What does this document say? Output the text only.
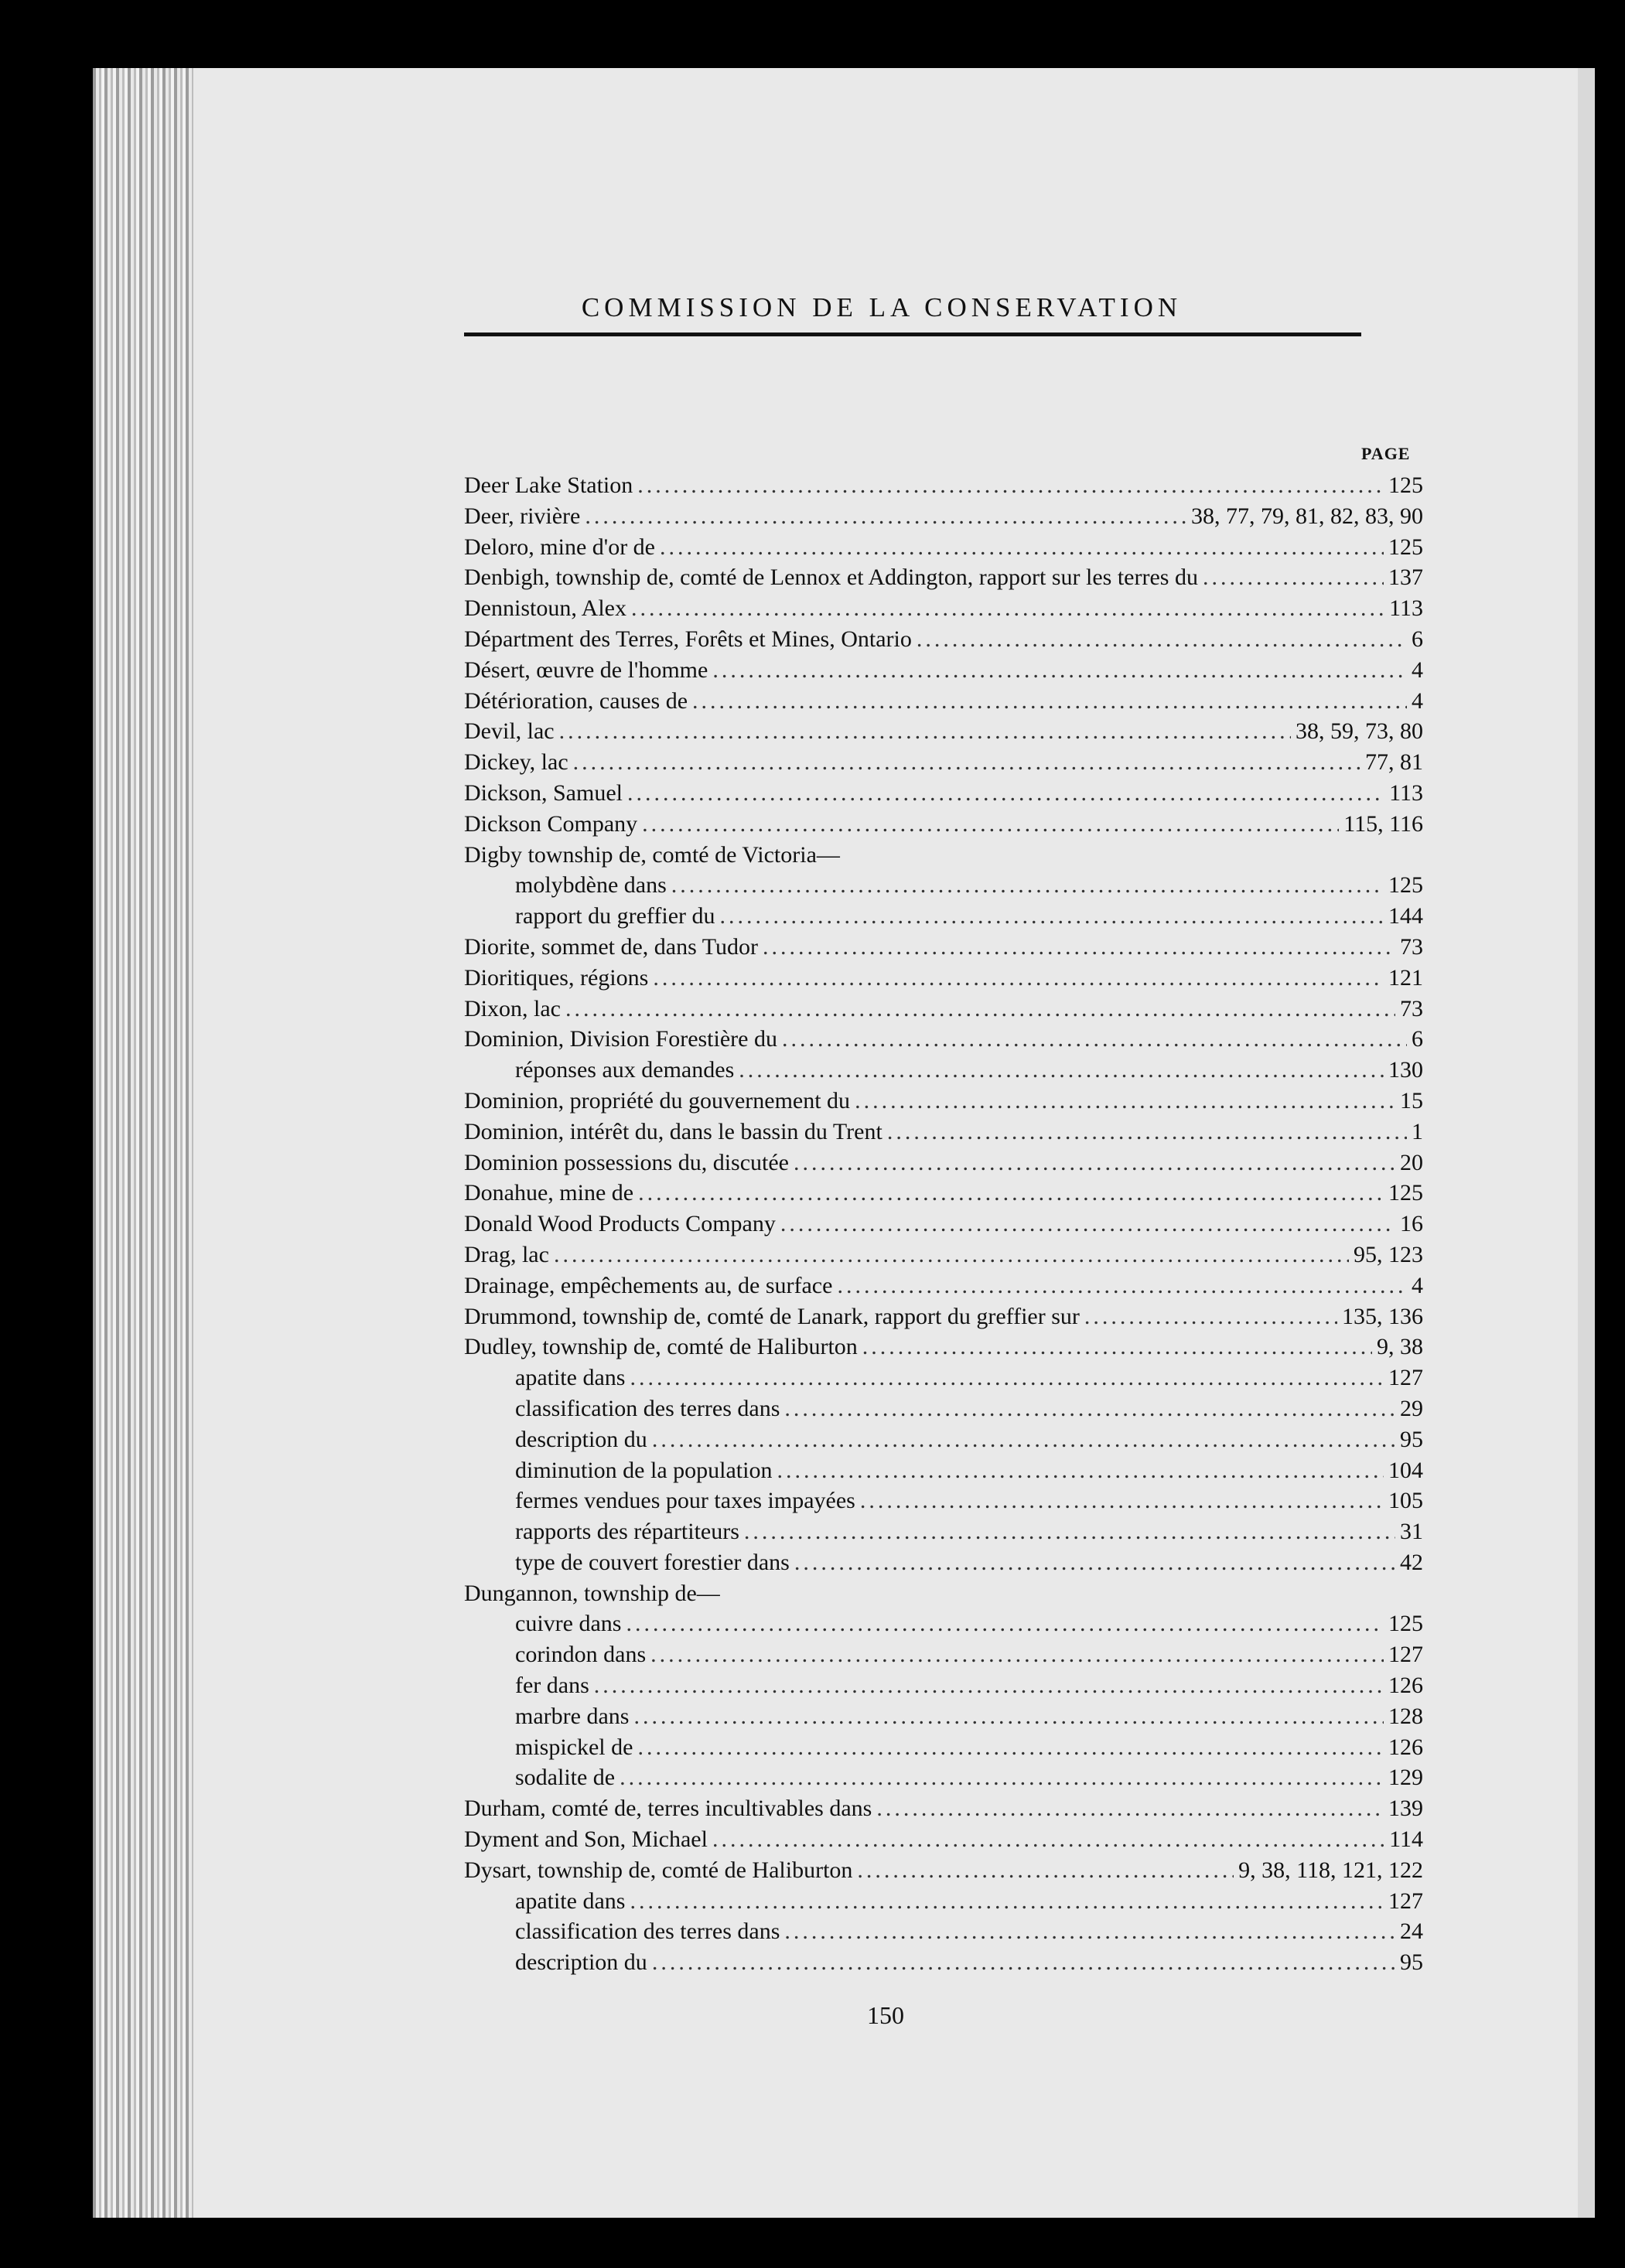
COMMISSION DE LA CONSERVATION
PAGE
Deer Lake Station .....	125
Deer, rivière .....	38, 77, 79, 81, 82, 83, 90
Deloro, mine d'or de .....	125
Denbigh, township de, comté de Lennox et Addington, rapport sur les terres du .....	137
Dennistoun, Alex .....	113
Départment des Terres, Forêts et Mines, Ontario .....	6
Désert, œuvre de l'homme .....	4
Détérioration, causes de .....	4
Devil, lac .....	38, 59, 73, 80
Dickey, lac .....	77, 81
Dickson, Samuel .....	113
Dickson Company .....	115, 116
Digby township de, comté de Victoria—
molybdène dans .....	125
rapport du greffier du .....	144
Diorite, sommet de, dans Tudor .....	73
Dioritiques, régions .....	121
Dixon, lac .....	73
Dominion, Division Forestière du .....	6
réponses aux demandes .....	130
Dominion, propriété du gouvernement du .....	15
Dominion, intérêt du, dans le bassin du Trent .....	1
Dominion possessions du, discutée .....	20
Donahue, mine de .....	125
Donald Wood Products Company .....	16
Drag, lac .....	95, 123
Drainage, empêchements au, de surface .....	4
Drummond, township de, comté de Lanark, rapport du greffier sur .....	135, 136
Dudley, township de, comté de Haliburton .....	9, 38
apatite dans .....	127
classification des terres dans .....	29
description du .....	95
diminution de la population .....	104
fermes vendues pour taxes impayées .....	105
rapports des répartiteurs .....	31
type de couvert forestier dans .....	42
Dungannon, township de—
cuivre dans .....	125
corindon dans .....	127
fer dans .....	126
marbre dans .....	128
mispickel de .....	126
sodalite de .....	129
Durham, comté de, terres incultivables dans .....	139
Dyment and Son, Michael .....	114
Dysart, township de, comté de Haliburton .....	9, 38, 118, 121, 122
apatite dans .....	127
classification des terres dans .....	24
description du .....	95
150
